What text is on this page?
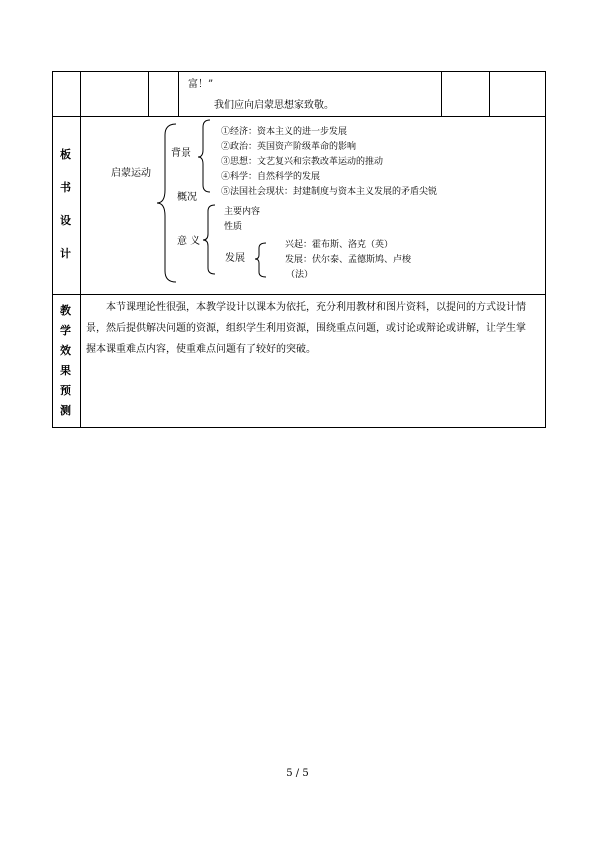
富！”
我们应向启蒙思想家致敬。
板
书
设
计
启蒙运动
背景
①经济：资本主义的进一步发展
②政治：英国资产阶级革命的影响
③思想：文艺复兴和宗教改革运动的推动
④科学：自然科学的发展
⑤法国社会现状：封建制度与资本主义发展的矛盾尖锐
概况
主要内容
性质
意 义
发展
兴起：霍布斯、洛克（英）
发展：伏尔泰、孟德斯鸠、卢梭
（法）
教
学
效
果
预
测
本节课理论性很强，本教学设计以课本为依托，充分利用教材和图片资料，以提问的方式设计情景，然后提供解决问题的资源，组织学生利用资源，围绕重点问题，或讨论或辩论或讲解，让学生掌握本课重难点内容，使重难点问题有了较好的突破。
5 / 5
